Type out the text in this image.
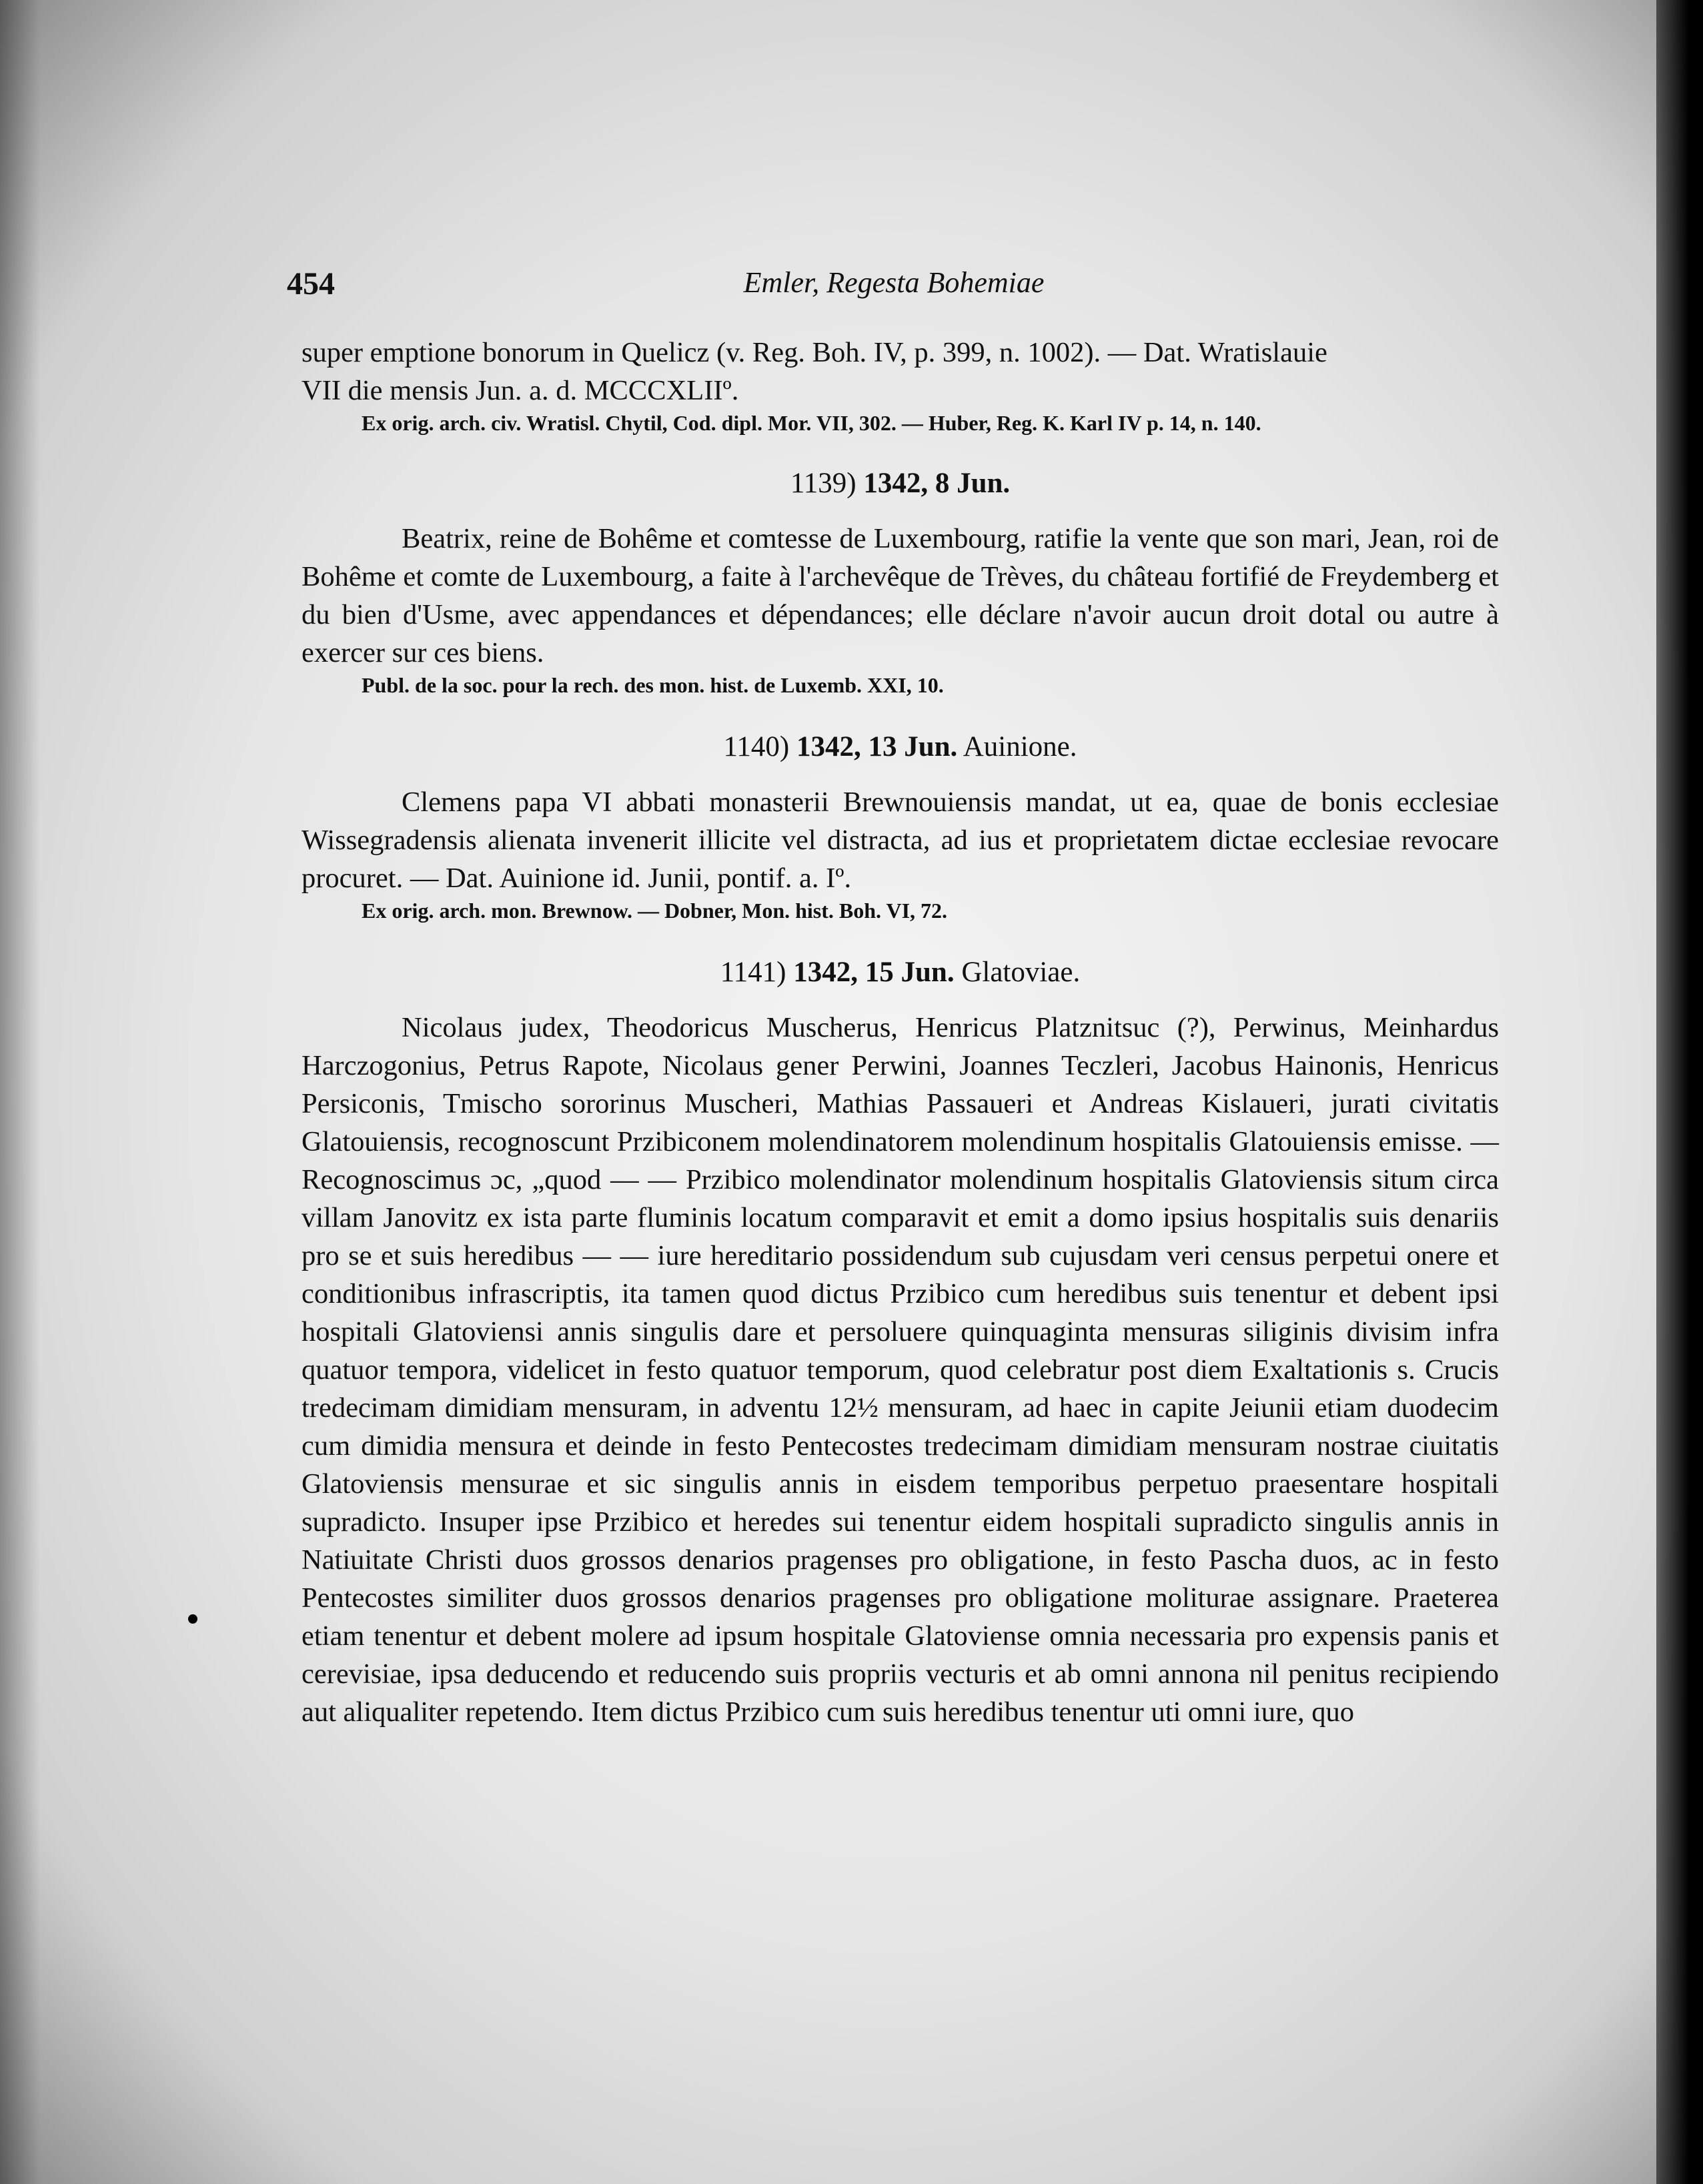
454	Emler, Regesta Bohemiae

super emptione bonorum in Quelicz (v. Reg. Boh. IV, p. 399, n. 1002). — Dat. Wratislauie

VII die mensis Jun. a. d. MCCCXLIIº.

Ex orig. arch. civ. Wratisl. Chytil, Cod. dipl. Mor. VII, 302. — Huber, Reg. K. Karl IV p. 14, n. 140.

1139) 1342, 8 Jun.

Beatrix, reine de Bohême et comtesse de Luxembourg, ratifie la vente que son mari, Jean, roi de Bohême et comte de Luxembourg, a faite à l'archevêque de Trèves, du château fortifié de Freydemberg et du bien d'Usme, avec appendances et dépendances; elle déclare n'avoir aucun droit dotal ou autre à exercer sur ces biens.

Publ. de la soc. pour la rech. des mon. hist. de Luxemb. XXI, 10.

1140) 1342, 13 Jun. Auinione.

Clemens papa VI abbati monasterii Brewnouiensis mandat, ut ea, quae de bonis ecclesiae Wissegradensis alienata invenerit illicite vel distracta, ad ius et proprietatem dictae ecclesiae revocare procuret. — Dat. Auinione id. Junii, pontif. a. Iº.

Ex orig. arch. mon. Brewnow. — Dobner, Mon. hist. Boh. VI, 72.

1141) 1342, 15 Jun. Glatoviae.

Nicolaus judex, Theodoricus Muscherus, Henricus Platznitsuc (?), Perwinus, Meinhardus Harczogonius, Petrus Rapote, Nicolaus gener Perwini, Joannes Teczleri, Jacobus Hainonis, Henricus Persiconis, Tmischo sororinus Muscheri, Mathias Passaueri et Andreas Kislaueri, jurati civitatis Glatouiensis, recognoscunt Przibiconem molendinatorem molendinum hospitalis Glatouiensis emisse. — Recognoscimus ɔc, „quod — — Przibico molendinator molendinum hospitalis Glatoviensis situm circa villam Janovitz ex ista parte fluminis locatum comparavit et emit a domo ipsius hospitalis suis denariis pro se et suis heredibus — — iure hereditario possidendum sub cujusdam veri census perpetui onere et conditionibus infrascriptis, ita tamen quod dictus Przibico cum heredibus suis tenentur et debent ipsi hospitali Glatoviensi annis singulis dare et persoluere quinquaginta mensuras siliginis divisim infra quatuor tempora, videlicet in festo quatuor temporum, quod celebratur post diem Exaltationis s. Crucis tredecimam dimidiam mensuram, in adventu 12½ mensuram, ad haec in capite Jeiunii etiam duodecim cum dimidia mensura et deinde in festo Pentecostes tredecimam dimidiam mensuram nostrae ciuitatis Glatoviensis mensurae et sic singulis annis in eisdem temporibus perpetuo praesentare hospitali supradicto. Insuper ipse Przibico et heredes sui tenentur eidem hospitali supradicto singulis annis in Natiuitate Christi duos grossos denarios pragenses pro obligatione, in festo Pascha duos, ac in festo Pentecostes similiter duos grossos denarios pragenses pro obligatione moliturae assignare. Praeterea etiam tenentur et debent molere ad ipsum hospitale Glatoviense omnia necessaria pro expensis panis et cerevisiae, ipsa deducendo et reducendo suis propriis vecturis et ab omni annona nil penitus recipiendo aut aliqualiter repetendo. Item dictus Przibico cum suis heredibus tenentur uti omni iure, quo
